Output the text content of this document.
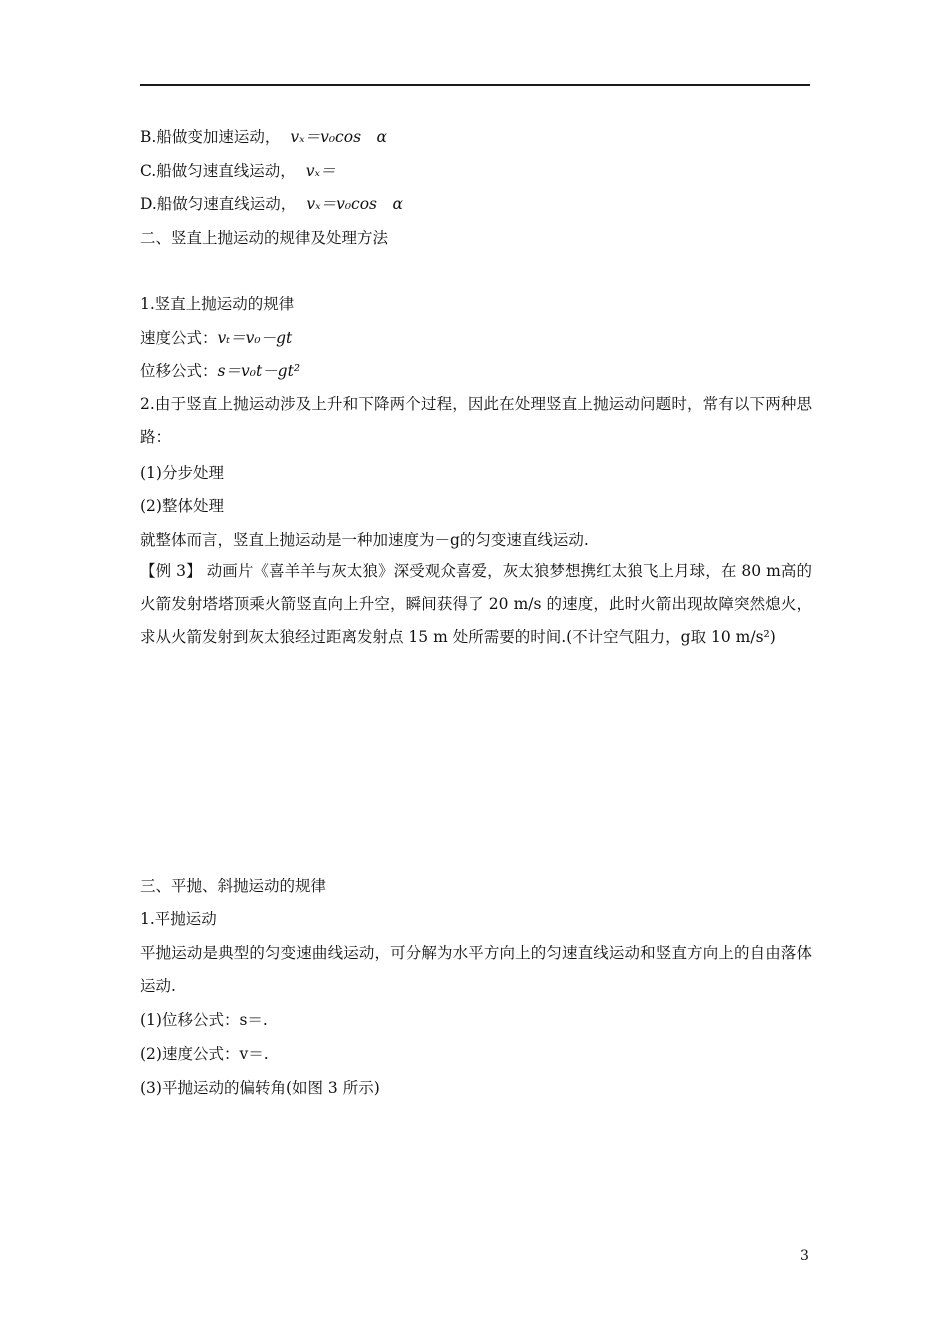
B.船做变加速运动， vₓ＝v₀cos　α
C.船做匀速直线运动， vₓ＝
D.船做匀速直线运动， vₓ＝v₀cos　α
二、竖直上抛运动的规律及处理方法
1.竖直上抛运动的规律
速度公式：vₜ＝v₀－gt
位移公式：s＝v₀t－gt²
2.由于竖直上抛运动涉及上升和下降两个过程，因此在处理竖直上抛运动问题时，常有以下两种思路：
(1)分步处理
(2)整体处理
就整体而言，竖直上抛运动是一种加速度为－g的匀变速直线运动.
【例 3】 动画片《喜羊羊与灰太狼》深受观众喜爱，灰太狼梦想携红太狼飞上月球，在 80 m高的火箭发射塔塔顶乘火箭竖直向上升空，瞬间获得了 20 m/s 的速度，此时火箭出现故障突然熄火，求从火箭发射到灰太狼经过距离发射点 15 m 处所需要的时间.(不计空气阻力，g取 10 m/s²)
三、平抛、斜抛运动的规律
1.平抛运动
平抛运动是典型的匀变速曲线运动，可分解为水平方向上的匀速直线运动和竖直方向上的自由落体运动.
(1)位移公式：s＝.
(2)速度公式：v＝.
(3)平抛运动的偏转角(如图 3 所示)
3
